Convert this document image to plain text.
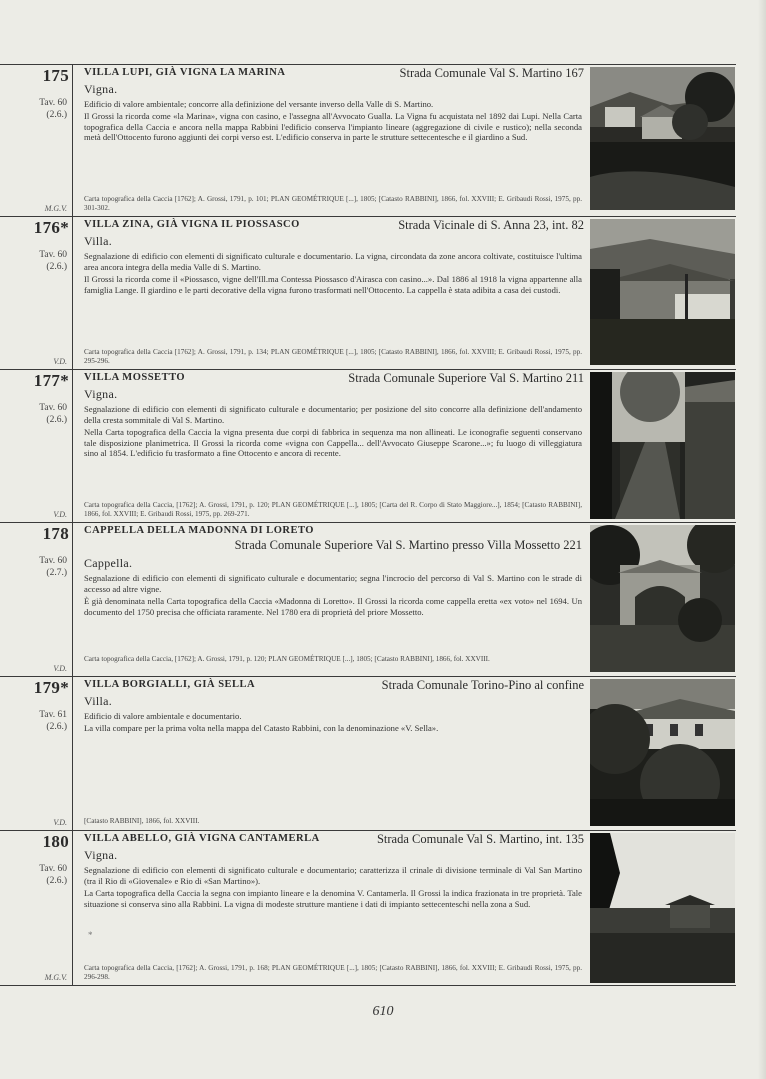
175
Tav. 60
(2.6.)
M.G.V.
VILLA LUPI, GIÀ VIGNA LA MARINA	Strada Comunale Val S. Martino 167
Vigna.
Edificio di valore ambientale; concorre alla definizione del versante inverso della Valle di S. Martino.
Il Grossi la ricorda come «la Marina», vigna con casino, e l'assegna all'Avvocato Gualla. La Vigna fu acquistata nel 1892 dai Lupi. Nella Carta topografica della Caccia e ancora nella mappa Rabbini l'edificio conserva l'impianto lineare (aggregazione di civile e rustico); nella seconda metà dell'Ottocento furono aggiunti dei corpi verso est. L'edificio conserva in parte le strutture settecentesche e il giardino a Sud.
Carta topografica della Caccia [1762]; A. Grossi, 1791, p. 101; PLAN GEOMÉTRIQUE [...], 1805; [Catasto RABBINI], 1866, fol. XXVIII; E. Gribaudi Rossi, 1975, pp. 301-302.
176*
Tav. 60
(2.6.)
V.D.
VILLA ZINA, GIÀ VIGNA IL PIOSSASCO	Strada Vicinale di S. Anna 23, int. 82
Villa.
Segnalazione di edificio con elementi di significato culturale e documentario. La vigna, circondata da zone ancora coltivate, costituisce l'ultima area ancora integra della media Valle di S. Martino.
Il Grossi la ricorda come il «Piossasco, vigne dell'Ill.ma Contessa Piossasco d'Airasca con casino...». Dal 1886 al 1918 la vigna appartenne alla famiglia Lange. Il giardino e le parti decorative della vigna furono trasformati nell'Ottocento. La cappella è stata adibita a casa dei custodi.
Carta topografica della Caccia [1762]; A. Grossi, 1791, p. 134; PLAN GEOMÉTRIQUE [...], 1805; [Catasto RABBINI], 1866, fol. XXVIII; E. Gribaudi Rossi, 1975, pp. 295-296.
177*
Tav. 60
(2.6.)
V.D.
VILLA MOSSETTO	Strada Comunale Superiore Val S. Martino 211
Vigna.
Segnalazione di edificio con elementi di significato culturale e documentario; per posizione del sito concorre alla definizione dell'andamento della cresta sommitale di Val S. Martino.
Nella Carta topografica della Caccia la vigna presenta due corpi di fabbrica in sequenza ma non allineati. Le iconografie seguenti conservano tale disposizione planimetrica. Il Grossi la ricorda come «vigna con Cappella... dell'Avvocato Giuseppe Scarone...»; fu luogo di villeggiatura sino al 1854. L'edificio fu trasformato a fine Ottocento e ancora di recente.
Carta topografica della Caccia, [1762]; A. Grossi, 1791, p. 120; PLAN GEOMÉTRIQUE [...], 1805; [Carta del R. Corpo di Stato Maggiore...], 1854; [Catasto RABBINI], 1866, fol. XXVIII; E. Gribaudi Rossi, 1975, pp. 269-271.
178
Tav. 60
(2.7.)
V.D.
CAPPELLA DELLA MADONNA DI LORETO
Strada Comunale Superiore Val S. Martino presso Villa Mossetto 221
Cappella.
Segnalazione di edificio con elementi di significato culturale e documentario; segna l'incrocio del percorso di Val S. Martino con le strade di accesso ad altre vigne.
È già denominata nella Carta topografica della Caccia «Madonna di Loretto». Il Grossi la ricorda come cappella eretta «ex voto» nel 1694. Un documento del 1750 precisa che officiata raramente. Nel 1780 era di proprietà del priore Mossetto.
Carta topografica della Caccia, [1762]; A. Grossi, 1791, p. 120; PLAN GEOMÉTRIQUE [...], 1805; [Catasto RABBINI], 1866, fol. XXVIII.
179*
Tav. 61
(2.6.)
V.D.
VILLA BORGIALLI, GIÀ SELLA	Strada Comunale Torino-Pino al confine
Villa.
Edificio di valore ambientale e documentario.
La villa compare per la prima volta nella mappa del Catasto Rabbini, con la denominazione «V. Sella».
[Catasto RABBINI], 1866, fol. XXVIII.
180
Tav. 60
(2.6.)
M.G.V.
VILLA ABELLO, GIÀ VIGNA CANTAMERLA	Strada Comunale Val S. Martino, int. 135
Vigna.
Segnalazione di edificio con elementi di significato culturale e documentario; caratterizza il crinale di divisione terminale di Val San Martino (tra il Rio di «Giovenale» e Rio di «San Martino»).
La Carta topografica della Caccia la segna con impianto lineare e la denomina V. Cantamerla. Il Grossi la indica frazionata in tre proprietà. Tale situazione si conserva sino alla Rabbini. La vigna di modeste strutture mantiene i dati di impianto settecenteschi nella zona a Sud.
*
Carta topografica della Caccia, [1762]; A. Grossi, 1791, p. 168; PLAN GEOMÉTRIQUE [...], 1805; [Catasto RABBINI], 1866, fol. XXVIII; E. Gribaudi Rossi, 1975, pp. 296-298.
610
